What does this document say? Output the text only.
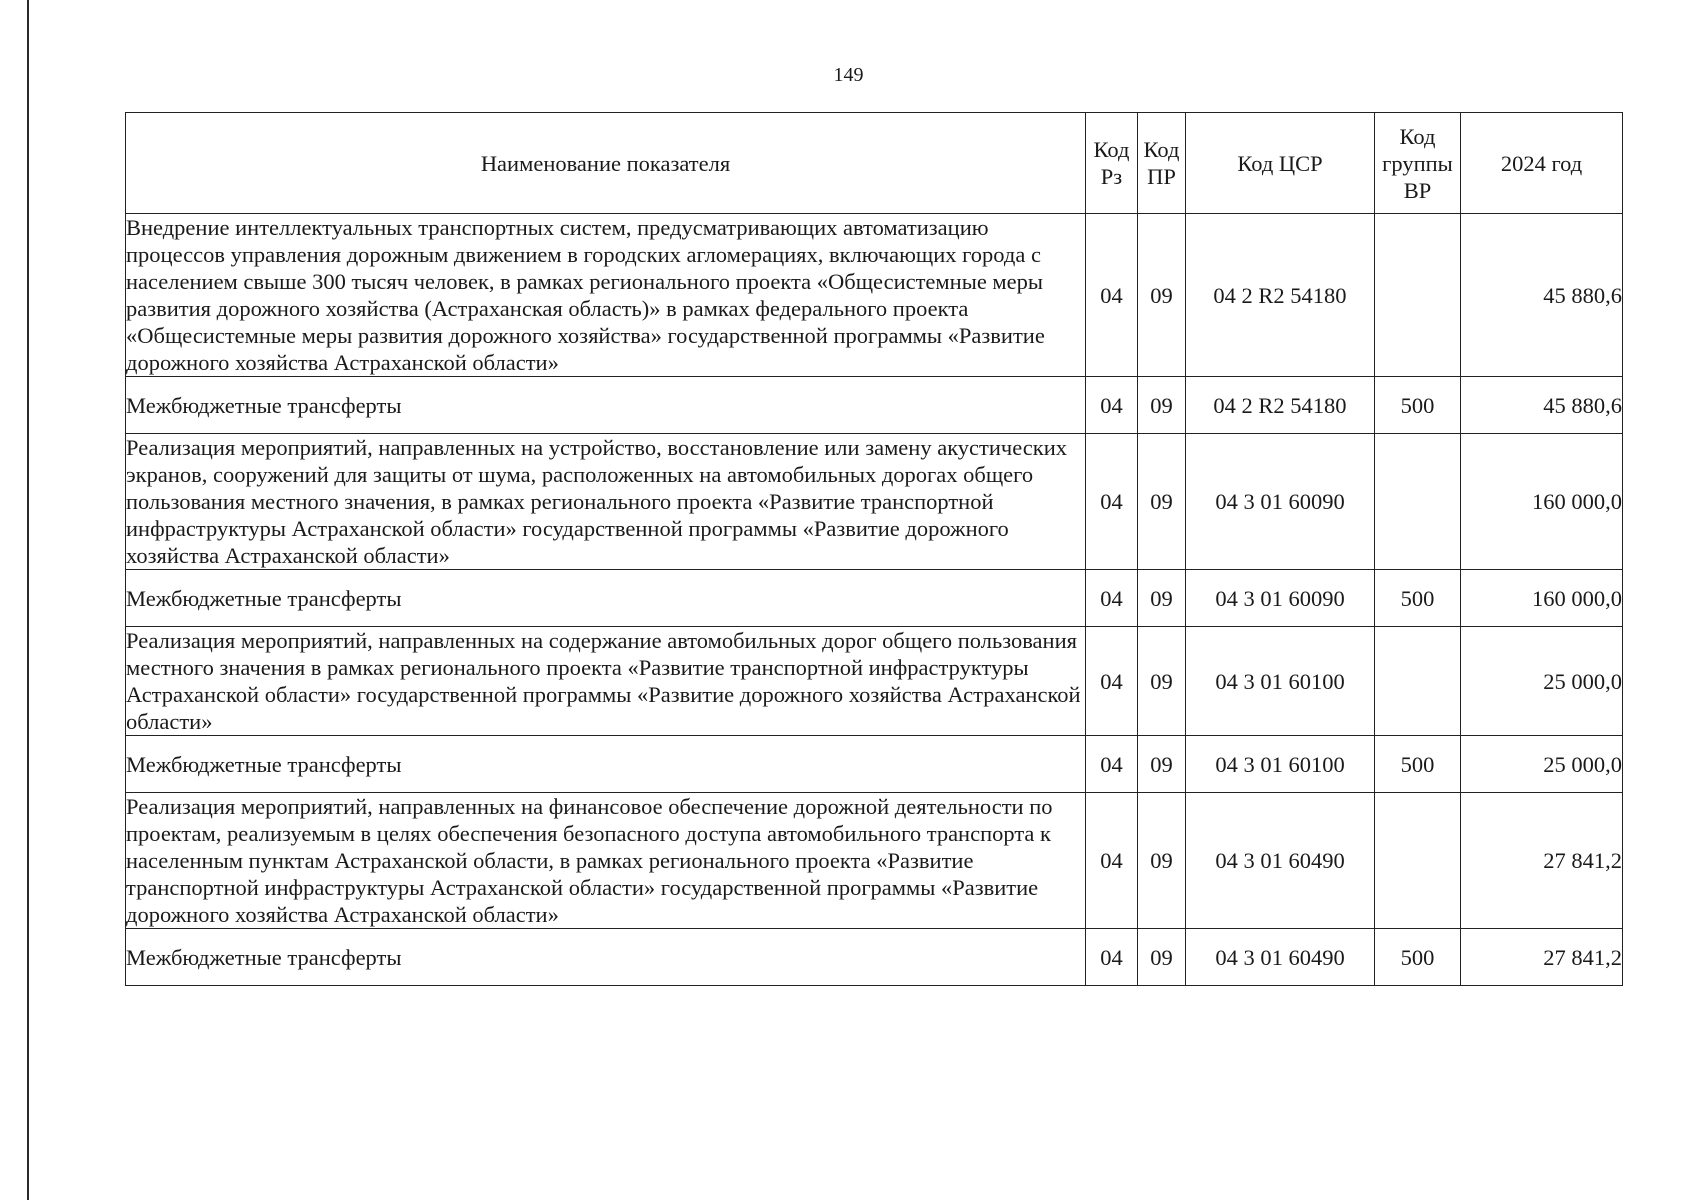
149
Наименование показателя	Код Рз	Код ПР	Код ЦСР	Код группы ВР	2024 год
Внедрение интеллектуальных транспортных систем, предусматривающих автоматизацию процессов управления дорожным движением в городских агломерациях, включающих города с населением свыше 300 тысяч человек, в рамках регионального проекта «Общесистемные меры развития дорожного хозяйства (Астраханская область)» в рамках федерального проекта «Общесистемные меры развития дорожного хозяйства» государственной программы «Развитие дорожного хозяйства Астраханской области»	04	09	04 2 R2 54180		45 880,6
Межбюджетные трансферты	04	09	04 2 R2 54180	500	45 880,6
Реализация мероприятий, направленных на устройство, восстановление или замену акустических экранов, сооружений для защиты от шума, расположенных на автомобильных дорогах общего пользования местного значения, в рамках регионального проекта «Развитие транспортной инфраструктуры Астраханской области» государственной программы «Развитие дорожного хозяйства Астраханской области»	04	09	04 3 01 60090		160 000,0
Межбюджетные трансферты	04	09	04 3 01 60090	500	160 000,0
Реализация мероприятий, направленных на содержание автомобильных дорог общего пользования местного значения в рамках регионального проекта «Развитие транспортной инфраструктуры Астраханской области» государственной программы «Развитие дорожного хозяйства Астраханской области»	04	09	04 3 01 60100		25 000,0
Межбюджетные трансферты	04	09	04 3 01 60100	500	25 000,0
Реализация мероприятий, направленных на финансовое обеспечение дорожной деятельности по проектам, реализуемым в целях обеспечения безопасного доступа автомобильного транспорта к населенным пунктам Астраханской области, в рамках регионального проекта «Развитие транспортной инфраструктуры Астраханской области» государственной программы «Развитие дорожного хозяйства Астраханской области»	04	09	04 3 01 60490		27 841,2
Межбюджетные трансферты	04	09	04 3 01 60490	500	27 841,2
